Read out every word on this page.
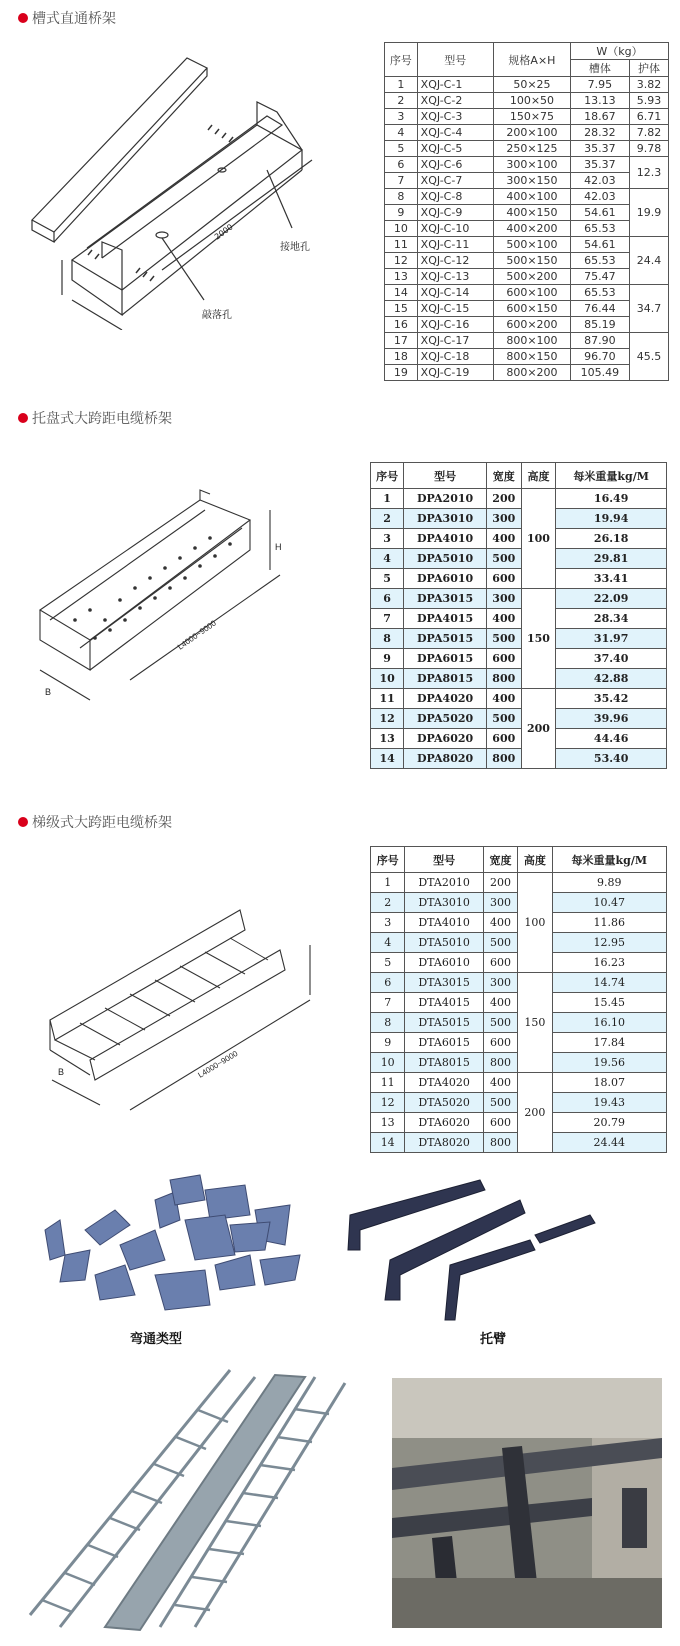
槽式直通桥架
接地孔
敲落孔
2000
序号	型号	规格A×H	W（kg）	
			槽体	护体
1	XQJ-C-1	50×25	7.95	3.82
2	XQJ-C-2	100×50	13.13	5.93
3	XQJ-C-3	150×75	18.67	6.71
4	XQJ-C-4	200×100	28.32	7.82
5	XQJ-C-5	250×125	35.37	9.78
6	XQJ-C-6	300×100	35.37	12.3
7	XQJ-C-7	300×150	42.03	
8	XQJ-C-8	400×100	42.03	19.9
9	XQJ-C-9	400×150	54.61	
10	XQJ-C-10	400×200	65.53	
11	XQJ-C-11	500×100	54.61	24.4
12	XQJ-C-12	500×150	65.53	
13	XQJ-C-13	500×200	75.47	
14	XQJ-C-14	600×100	65.53	34.7
15	XQJ-C-15	600×150	76.44	
16	XQJ-C-16	600×200	85.19	
17	XQJ-C-17	800×100	87.90	45.5
18	XQJ-C-18	800×150	96.70	
19	XQJ-C-19	800×200	105.49	
托盘式大跨距电缆桥架
H
B
L4000~9000
序号	型号	宽度	高度	每米重量kg/M
1	DPA2010	200	100	16.49
2	DPA3010	300		19.94
3	DPA4010	400		26.18
4	DPA5010	500		29.81
5	DPA6010	600		33.41
6	DPA3015	300	150	22.09
7	DPA4015	400		28.34
8	DPA5015	500		31.97
9	DPA6015	600		37.40
10	DPA8015	800		42.88
11	DPA4020	400	200	35.42
12	DPA5020	500		39.96
13	DPA6020	600		44.46
14	DPA8020	800		53.40
梯级式大跨距电缆桥架
B	L4000~9000
序号	型号	宽度	高度	每米重量kg/M
1	DTA2010	200	100	9.89
2	DTA3010	300		10.47
3	DTA4010	400		11.86
4	DTA5010	500		12.95
5	DTA6010	600		16.23
6	DTA3015	300	150	14.74
7	DTA4015	400		15.45
8	DTA5015	500		16.10
9	DTA6015	600		17.84
10	DTA8015	800		19.56
11	DTA4020	400	200	18.07
12	DTA5020	500		19.43
13	DTA6020	600		20.79
14	DTA8020	800		24.44
弯通类型	托臂
